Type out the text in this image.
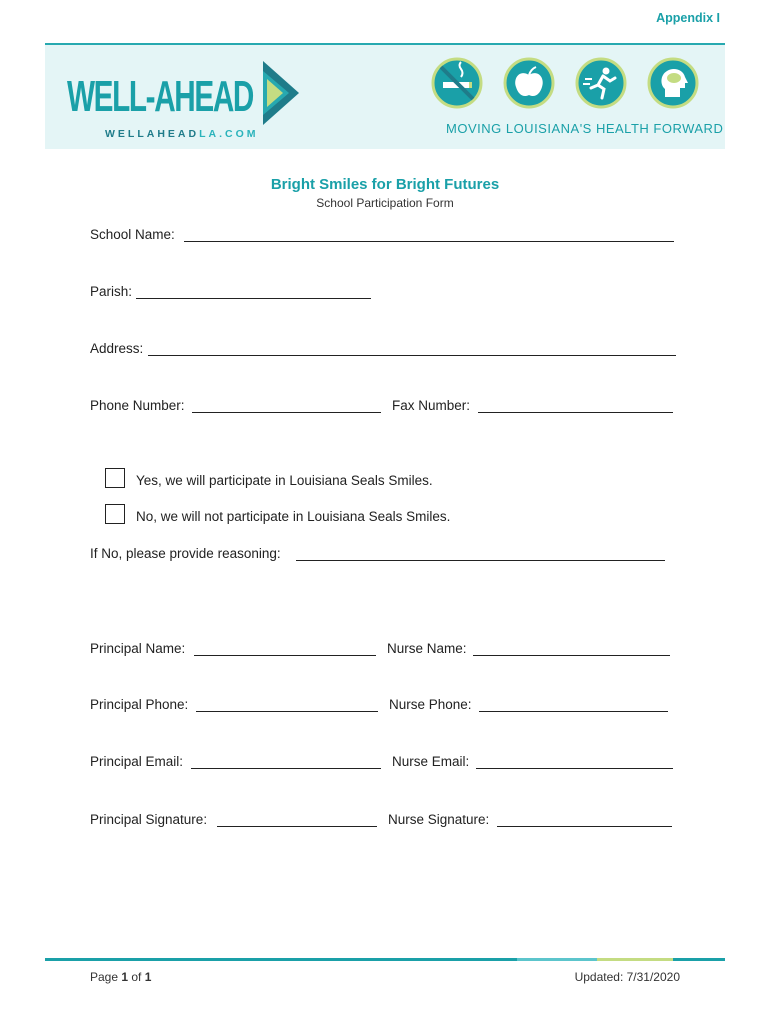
Appendix I
WELL-AHEAD
WELLAHEADLA.COM	MOVING LOUISIANA'S HEALTH FORWARD
Bright Smiles for Bright Futures
School Participation Form
School Name:
Parish:
Address:
Phone Number:	Fax Number:
Yes, we will participate in Louisiana Seals Smiles.
No, we will not participate in Louisiana Seals Smiles.
If No, please provide reasoning:
Principal Name:	Nurse Name:
Principal Phone:	Nurse Phone:
Principal Email:	Nurse Email:
Principal Signature:	Nurse Signature:
Page 1 of 1	Updated: 7/31/2020
